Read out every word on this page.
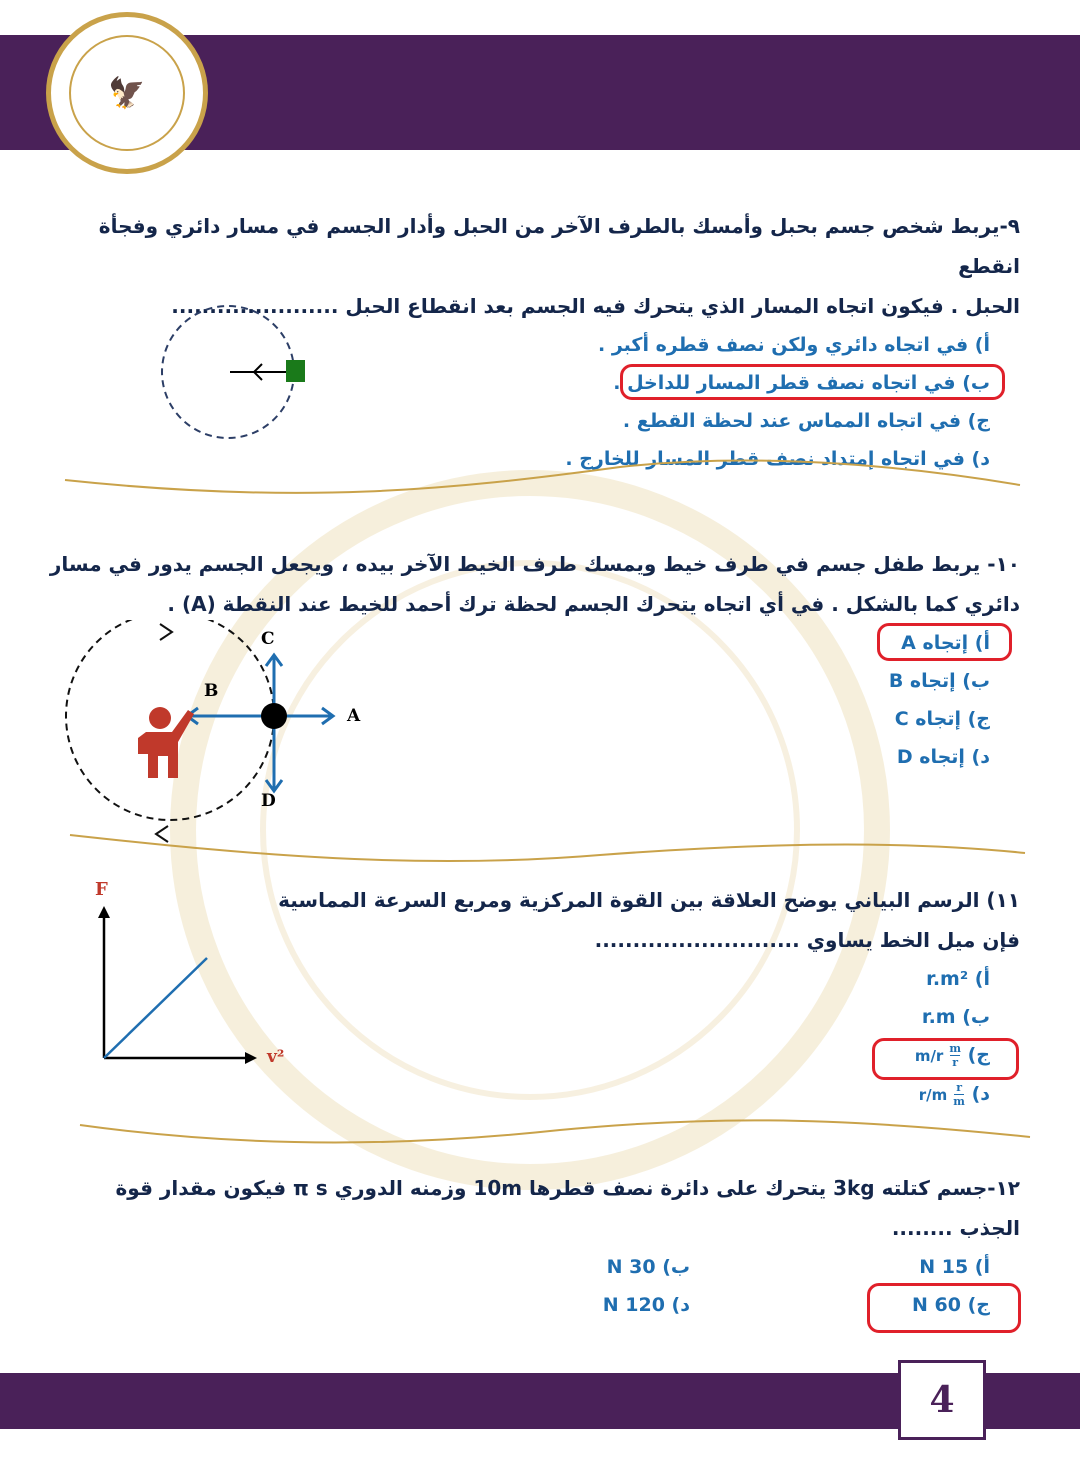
🦅
٩-يربط شخص جسم بحبل وأمسك بالطرف الآخر من الحبل وأدار الجسم في مسار دائري وفجأة انقطع
الحبل . فيكون اتجاه المسار الذي يتحرك فيه الجسم بعد انقطاع الحبل ......................
أ) في اتجاه دائري ولكن نصف قطره أكبر .
ب) في اتجاه نصف قطر المسار للداخل .
ج) في اتجاه المماس عند لحظة القطع .
د) في اتجاه إمتداد نصف قطر المسار للخارج .
١٠- يربط طفل جسم في طرف خيط ويمسك طرف الخيط الآخر بيده ، ويجعل الجسم يدور في مسار
دائري كما بالشكل . في أي اتجاه يتحرك الجسم لحظة ترك أحمد للخيط عند النقطة (A) .
أ) إتجاه A
ب) إتجاه B
ج) إتجاه C
د) إتجاه D
A
B
C
D
١١) الرسم البياني يوضح العلاقة بين القوة المركزية ومربع السرعة المماسية
فإن ميل الخط يساوي ...........................
أ) r.m²
ب) r.m
ج)
$\frac{m}{r}$
m/r
د)
$\frac{r}{m}$
r/m
F
v²
١٢-جسم كتلته 3kg يتحرك على دائرة نصف قطرها 10m وزمنه الدوري π s فيكون مقدار قوة
الجذب ........
أ) 15 N
ب) 30 N
ج) 60 N
د) 120 N
4
